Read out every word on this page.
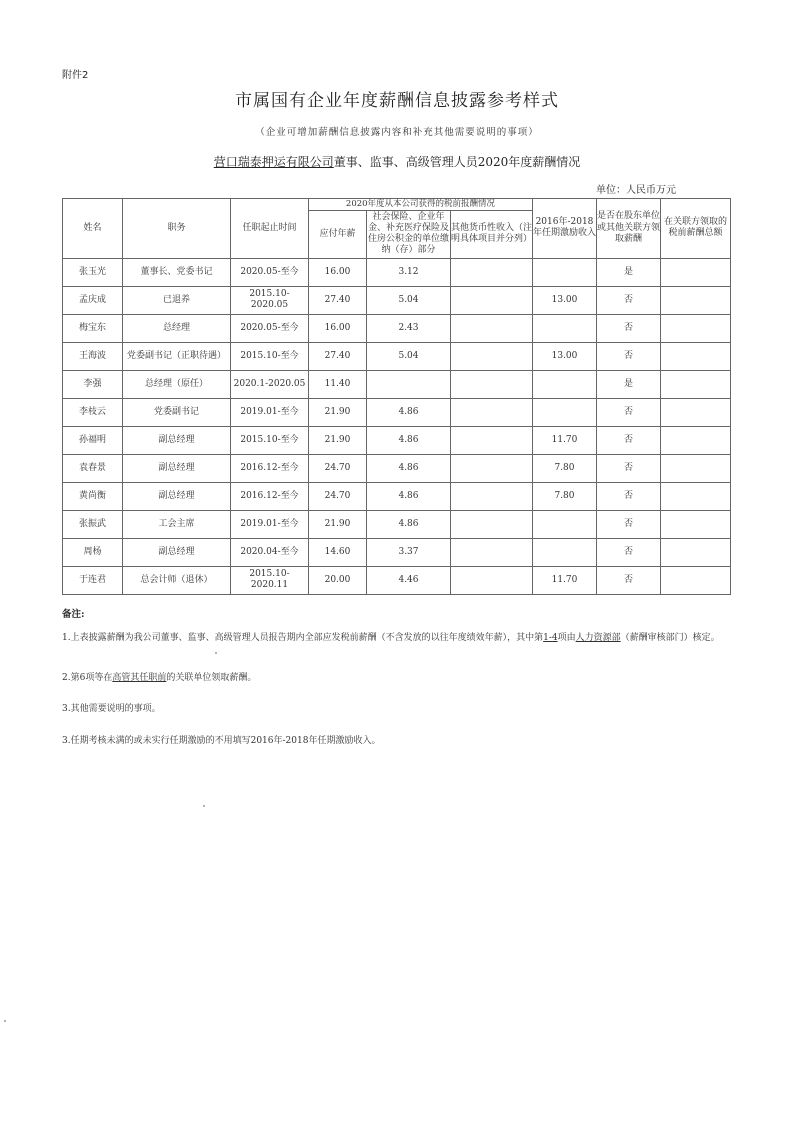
附件2
市属国有企业年度薪酬信息披露参考样式
（企业可增加薪酬信息披露内容和补充其他需要说明的事项）
营口瑞泰押运有限公司董事、监事、高级管理人员2020年度薪酬情况
单位：人民币万元
姓名	职务	任职起止时间	2020年度从本公司获得的税前报酬情况			2016年-2018年任期激励收入	是否在股东单位或其他关联方领取薪酬	在关联方领取的税前薪酬总额
			应付年薪	社会保险、企业年金、补充医疗保险及住房公积金的单位缴纳（存）部分	其他货币性收入（注明具体项目并分列）			
张玉光	董事长、党委书记	2020.05-至今	16.00	3.12			是	
孟庆成	已退养	2015.10-2020.05	27.40	5.04		13.00	否	
梅宝东	总经理	2020.05-至今	16.00	2.43			否	
王海波	党委副书记（正职待遇）	2015.10-至今	27.40	5.04		13.00	否	
李强	总经理（原任）	2020.1-2020.05	11.40				是	
李枝云	党委副书记	2019.01-至今	21.90	4.86			否	
孙福明	副总经理	2015.10-至今	21.90	4.86		11.70	否	
袁春景	副总经理	2016.12-至今	24.70	4.86		7.80	否	
黄尚衡	副总经理	2016.12-至今	24.70	4.86		7.80	否	
张振武	工会主席	2019.01-至今	21.90	4.86			否	
周杨	副总经理	2020.04-至今	14.60	3.37			否	
于连君	总会计师（退休）	2015.10-2020.11	20.00	4.46		11.70	否	
备注:
1.上表披露薪酬为我公司董事、监事、高级管理人员报告期内全部应发税前薪酬（不含发放的以往年度绩效年薪），其中第1-4项由人力资源部（薪酬审核部门）核定。
2.第6项等在高管其任职前的关联单位领取薪酬。
3.其他需要说明的事项。
3.任期考核未满的或未实行任期激励的不用填写2016年-2018年任期激励收入。
